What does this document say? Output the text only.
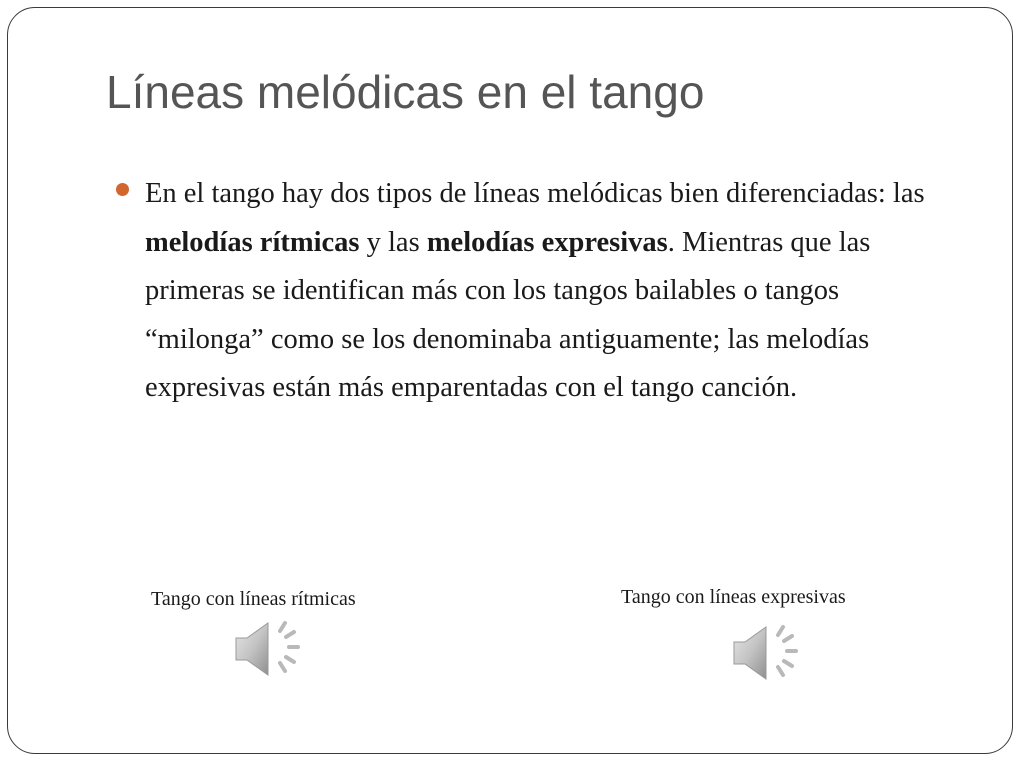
Líneas melódicas en el tango

En el tango hay dos tipos de líneas melódicas bien diferenciadas: las melodías rítmicas y las melodías expresivas. Mientras que las primeras se identifican más con los tangos bailables o tangos “milonga” como se los denominaba antiguamente; las melodías expresivas están más emparentadas con el tango canción.

Tango con líneas rítmicas	Tango con líneas expresivas
